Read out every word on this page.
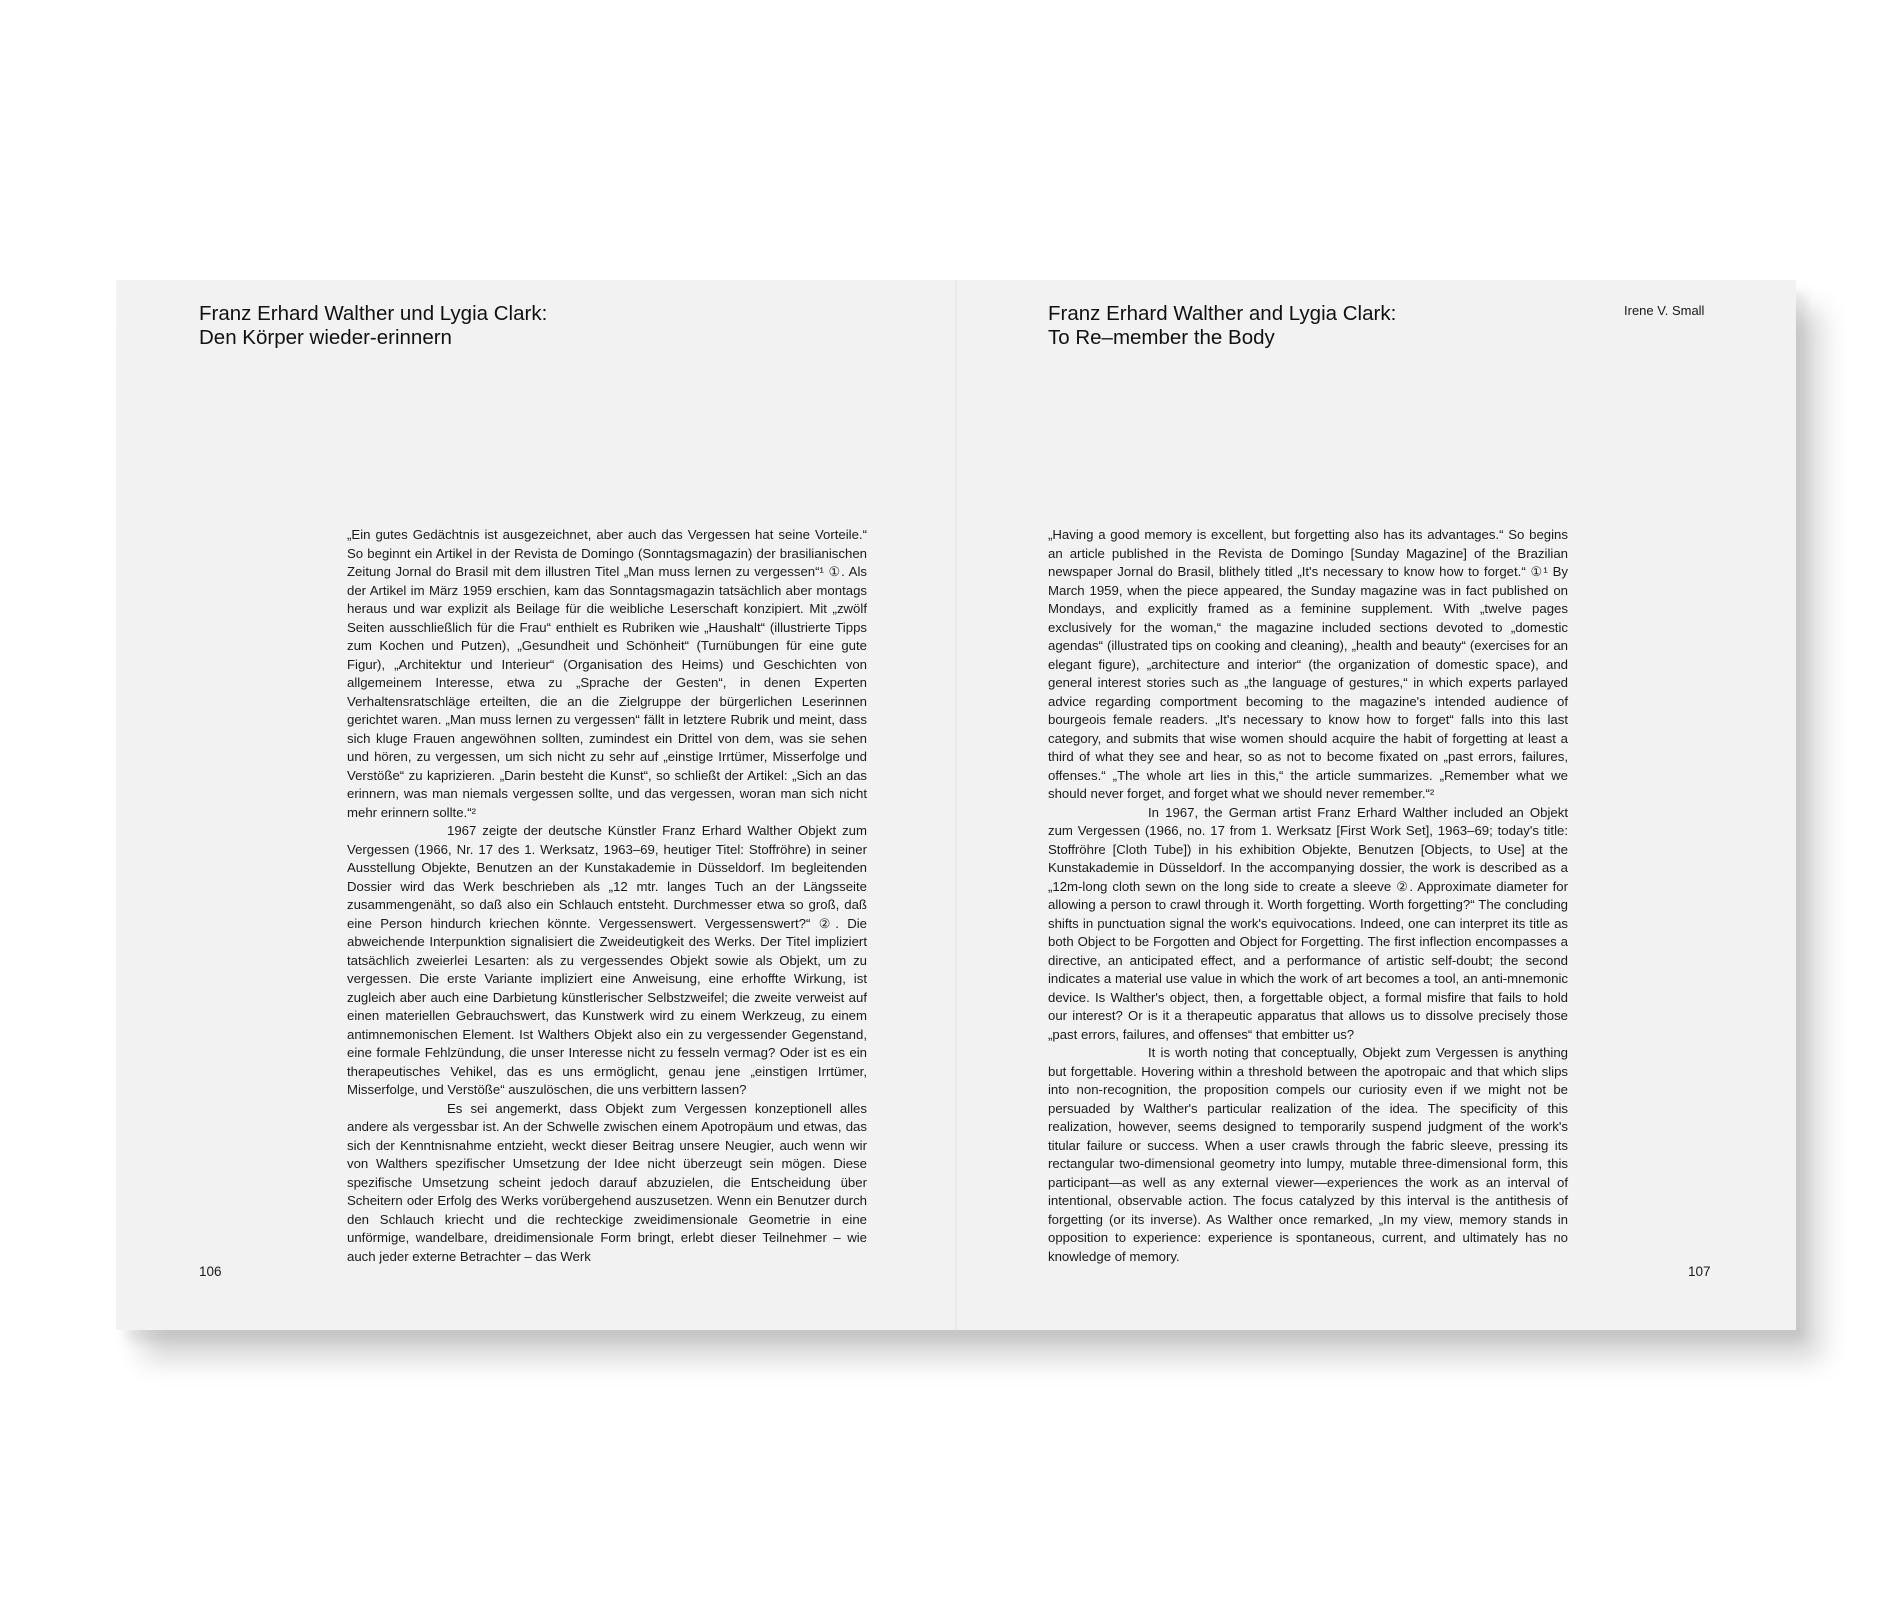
Franz Erhard Walther und Lygia Clark:
Den Körper wieder-erinnern
Franz Erhard Walther and Lygia Clark:
To Re–member the Body
Irene V. Small

„Ein gutes Gedächtnis ist ausgezeichnet, aber auch das Vergessen hat seine Vorteile.“ So beginnt ein Artikel in der Revista de Domingo (Sonntagsmagazin) der brasilianischen Zeitung Jornal do Brasil mit dem illustren Titel „Man muss lernen zu vergessen“¹ ①. Als der Artikel im März 1959 erschien, kam das Sonntagsmagazin tatsächlich aber montags heraus und war explizit als Beilage für die weibliche Leserschaft konzipiert. Mit „zwölf Seiten ausschließlich für die Frau“ enthielt es Rubriken wie „Haushalt“ (illustrierte Tipps zum Kochen und Putzen), „Gesundheit und Schönheit“ (Turnübungen für eine gute Figur), „Architektur und Interieur“ (Organisation des Heims) und Geschichten von allgemeinem Interesse, etwa zu „Sprache der Gesten“, in denen Experten Verhaltensratschläge erteilten, die an die Zielgruppe der bürgerlichen Leserinnen gerichtet waren. „Man muss lernen zu vergessen“ fällt in letztere Rubrik und meint, dass sich kluge Frauen angewöhnen sollten, zumindest ein Drittel von dem, was sie sehen und hören, zu vergessen, um sich nicht zu sehr auf „einstige Irrtümer, Misserfolge und Verstöße“ zu kaprizieren. „Darin besteht die Kunst“, so schließt der Artikel: „Sich an das erinnern, was man niemals vergessen sollte, und das vergessen, woran man sich nicht mehr erinnern sollte.“²

1967 zeigte der deutsche Künstler Franz Erhard Walther Objekt zum Vergessen (1966, Nr. 17 des 1. Werksatz, 1963–69, heutiger Titel: Stoffröhre) in seiner Ausstellung Objekte, Benutzen an der Kunstakademie in Düsseldorf. Im begleitenden Dossier wird das Werk beschrieben als „12 mtr. langes Tuch an der Längsseite zusammengenäht, so daß also ein Schlauch entsteht. Durchmesser etwa so groß, daß eine Person hindurch kriechen könnte. Vergessenswert. Vergessenswert?“ ②. Die abweichende Interpunktion signalisiert die Zweideutigkeit des Werks. Der Titel impliziert tatsächlich zweierlei Lesarten: als zu vergessendes Objekt sowie als Objekt, um zu vergessen. Die erste Variante impliziert eine Anweisung, eine erhoffte Wirkung, ist zugleich aber auch eine Darbietung künstlerischer Selbstzweifel; die zweite verweist auf einen materiellen Gebrauchswert, das Kunstwerk wird zu einem Werkzeug, zu einem antimnemonischen Element. Ist Walthers Objekt also ein zu vergessender Gegenstand, eine formale Fehlzündung, die unser Interesse nicht zu fesseln vermag? Oder ist es ein therapeutisches Vehikel, das es uns ermöglicht, genau jene „einstigen Irrtümer, Misserfolge, und Verstöße“ auszulöschen, die uns verbittern lassen?

Es sei angemerkt, dass Objekt zum Vergessen konzeptionell alles andere als vergessbar ist. An der Schwelle zwischen einem Apotropäum und etwas, das sich der Kenntnisnahme entzieht, weckt dieser Beitrag unsere Neugier, auch wenn wir von Walthers spezifischer Umsetzung der Idee nicht überzeugt sein mögen. Diese spezifische Umsetzung scheint jedoch darauf abzuzielen, die Entscheidung über Scheitern oder Erfolg des Werks vorübergehend auszusetzen. Wenn ein Benutzer durch den Schlauch kriecht und die rechteckige zweidimensionale Geometrie in eine unförmige, wandelbare, dreidimensionale Form bringt, erlebt dieser Teilnehmer – wie auch jeder externe Betrachter – das Werk

„Having a good memory is excellent, but forgetting also has its advantages.“ So begins an article published in the Revista de Domingo [Sunday Magazine] of the Brazilian newspaper Jornal do Brasil, blithely titled „It's necessary to know how to forget.“ ①¹ By March 1959, when the piece appeared, the Sunday magazine was in fact published on Mondays, and explicitly framed as a feminine supplement. With „twelve pages exclusively for the woman,“ the magazine included sections devoted to „domestic agendas“ (illustrated tips on cooking and cleaning), „health and beauty“ (exercises for an elegant figure), „architecture and interior“ (the organization of domestic space), and general interest stories such as „the language of gestures,“ in which experts parlayed advice regarding comportment becoming to the magazine's intended audience of bourgeois female readers. „It's necessary to know how to forget“ falls into this last category, and submits that wise women should acquire the habit of forgetting at least a third of what they see and hear, so as not to become fixated on „past errors, failures, offenses.“ „The whole art lies in this,“ the article summarizes. „Remember what we should never forget, and forget what we should never remember.“²

In 1967, the German artist Franz Erhard Walther included an Objekt zum Vergessen (1966, no. 17 from 1. Werksatz [First Work Set], 1963–69; today's title: Stoffröhre [Cloth Tube]) in his exhibition Objekte, Benutzen [Objects, to Use] at the Kunstakademie in Düsseldorf. In the accompanying dossier, the work is described as a „12m-long cloth sewn on the long side to create a sleeve ②. Approximate diameter for allowing a person to crawl through it. Worth forgetting. Worth forgetting?“ The concluding shifts in punctuation signal the work's equivocations. Indeed, one can interpret its title as both Object to be Forgotten and Object for Forgetting. The first inflection encompasses a directive, an anticipated effect, and a performance of artistic self-doubt; the second indicates a material use value in which the work of art becomes a tool, an anti-mnemonic device. Is Walther's object, then, a forgettable object, a formal misfire that fails to hold our interest? Or is it a therapeutic apparatus that allows us to dissolve precisely those „past errors, failures, and offenses“ that embitter us?

It is worth noting that conceptually, Objekt zum Vergessen is anything but forgettable. Hovering within a threshold between the apotropaic and that which slips into non-recognition, the proposition compels our curiosity even if we might not be persuaded by Walther's particular realization of the idea. The specificity of this realization, however, seems designed to temporarily suspend judgment of the work's titular failure or success. When a user crawls through the fabric sleeve, pressing its rectangular two-dimensional geometry into lumpy, mutable three-dimensional form, this participant—as well as any external viewer—experiences the work as an interval of intentional, observable action. The focus catalyzed by this interval is the antithesis of forgetting (or its inverse). As Walther once remarked, „In my view, memory stands in opposition to experience: experience is spontaneous, current, and ultimately has no knowledge of memory.

106	107
